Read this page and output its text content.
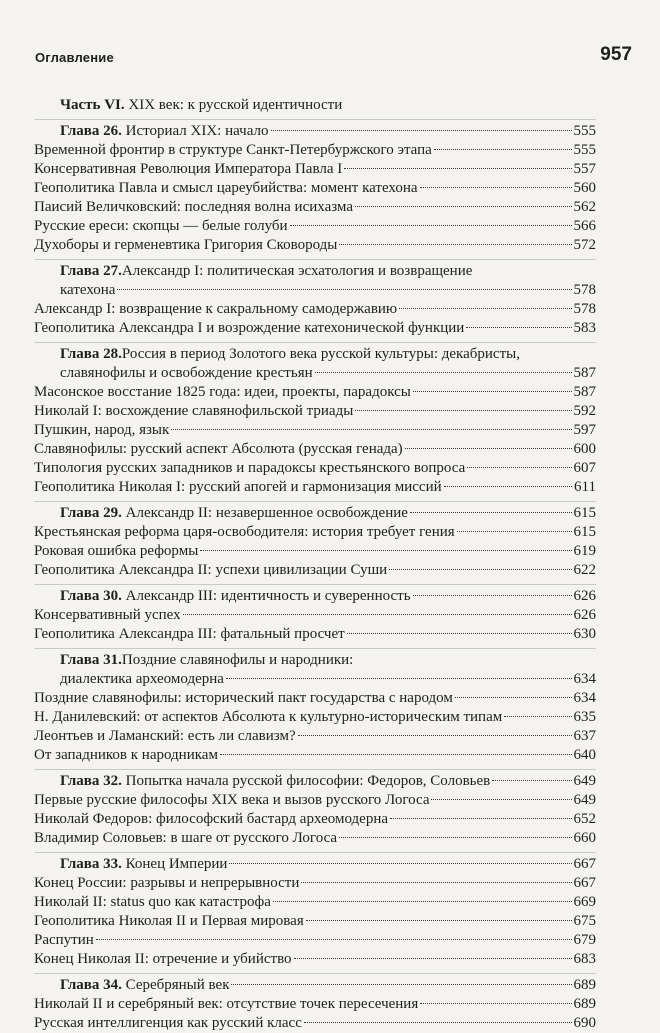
Оглавление	957
Часть VI. XIX век: к русской идентичности
Глава 26. Историал XIX: начало	555
Временной фронтир в структуре Санкт-Петербуржского этапа	555
Консервативная Революция Императора Павла I	557
Геополитика Павла и смысл цареубийства: момент катехона	560
Паисий Величковский: последняя волна исихазма	562
Русские ереси: скопцы — белые голуби	566
Духоборы и герменевтика Григория Сковороды	572
Глава 27. Александр I: политическая эсхатология и возвращение
катехона	578
Александр I: возвращение к сакральному самодержавию	578
Геополитика Александра I и возрождение катехонической функции	583
Глава 28. Россия в период Золотого века русской культуры: декабристы,
славянофилы и освобождение крестьян	587
Масонское восстание 1825 года: идеи, проекты, парадоксы	587
Николай I: восхождение славянофильской триады	592
Пушкин, народ, язык	597
Славянофилы: русский аспект Абсолюта (русская генада)	600
Типология русских западников и парадоксы крестьянского вопроса	607
Геополитика Николая I: русский апогей и гармонизация миссий	611
Глава 29. Александр II: незавершенное освобождение	615
Крестьянская реформа царя-освободителя: история требует гения	615
Роковая ошибка реформы	619
Геополитика Александра II: успехи цивилизации Суши	622
Глава 30. Александр III: идентичность и суверенность	626
Консервативный успех	626
Геополитика Александра III: фатальный просчет	630
Глава 31. Поздние славянофилы и народники:
диалектика археомодерна	634
Поздние славянофилы: исторический пакт государства с народом	634
Н. Данилевский: от аспектов Абсолюта к культурно-историческим типам	635
Леонтьев и Ламанский: есть ли славизм?	637
От западников к народникам	640
Глава 32. Попытка начала русской философии: Федоров, Соловьев	649
Первые русские философы XIX века и вызов русского Логоса	649
Николай Федоров: философский бастард археомодерна	652
Владимир Соловьев: в шаге от русского Логоса	660
Глава 33. Конец Империи	667
Конец России: разрывы и непрерывности	667
Николай II: status quo как катастрофа	669
Геополитика Николая II и Первая мировая	675
Распутин	679
Конец Николая II: отречение и убийство	683
Глава 34. Серебряный век	689
Николай II и серебряный век: отсутствие точек пересечения	689
Русская интеллигенция как русский класс	690
